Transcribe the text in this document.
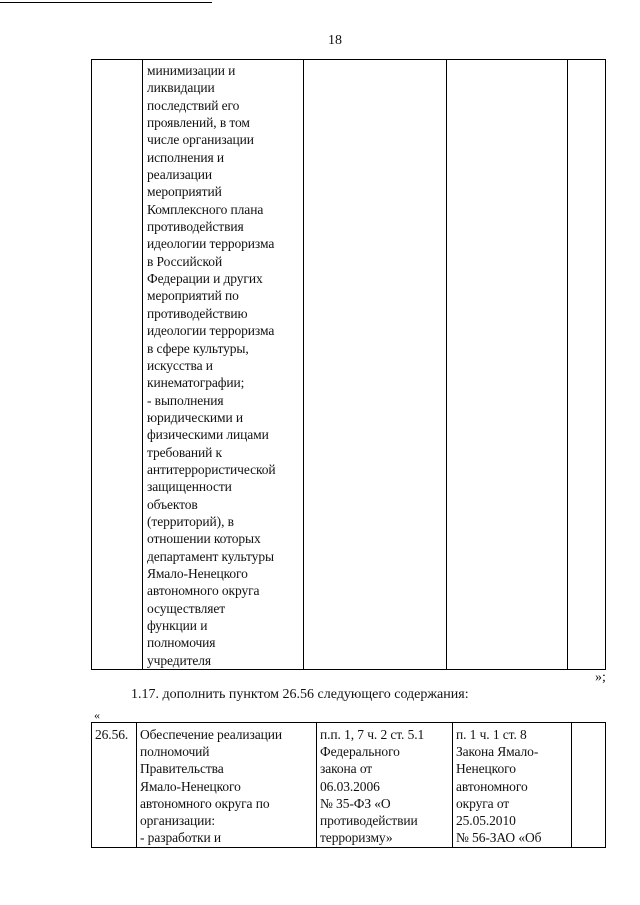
18
минимизации и
ликвидации
последствий его
проявлений, в том
числе организации
исполнения и
реализации
мероприятий
Комплексного плана
противодействия
идеологии терроризма
в Российской
Федерации и других
мероприятий по
противодействию
идеологии терроризма
в сфере культуры,
искусства и
кинематографии;
- выполнения
юридическими и
физическими лицами
требований к
антитеррористической
защищенности
объектов
(территорий), в
отношении которых
департамент культуры
Ямало-Ненецкого
автономного округа
осуществляет
функции и
полномочия
учредителя
»;
1.17. дополнить пунктом 26.56 следующего содержания:
«
26.56. Обеспечение реализации
полномочий
Правительства
Ямало-Ненецкого
автономного округа по
организации:
- разработки и
п.п. 1, 7 ч. 2 ст. 5.1
Федерального
закона от
06.03.2006
№ 35-ФЗ «О
противодействии
терроризму»
п. 1 ч. 1 ст. 8
Закона Ямало-
Ненецкого
автономного
округа от
25.05.2010
№ 56-ЗАО «Об
